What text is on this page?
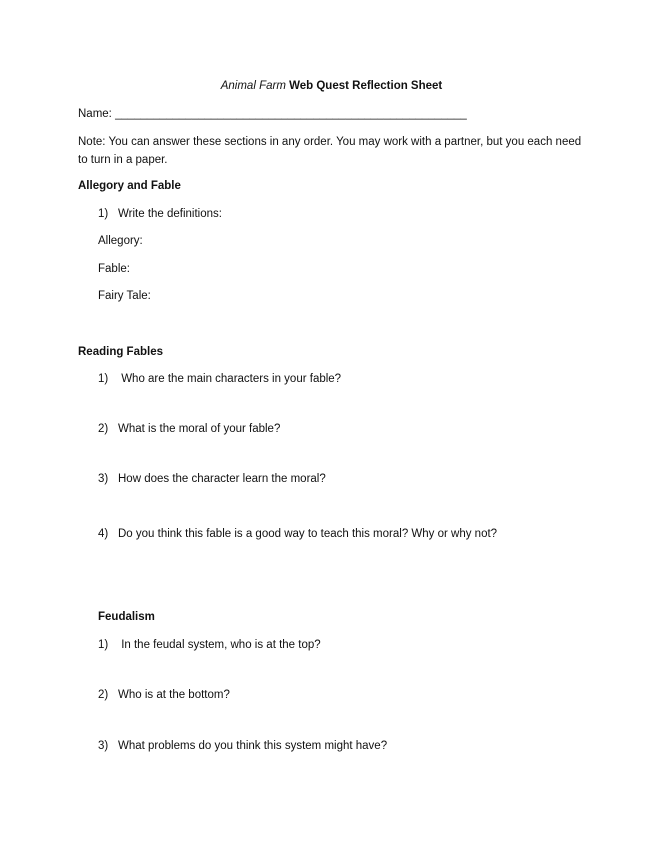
Animal Farm Web Quest Reflection Sheet
Name: _______________________________________________________
Note: You can answer these sections in any order. You may work with a partner, but you each need to turn in a paper.
Allegory and Fable
1) Write the definitions:
Allegory:
Fable:
Fairy Tale:
Reading Fables
1) Who are the main characters in your fable?
2) What is the moral of your fable?
3) How does the character learn the moral?
4) Do you think this fable is a good way to teach this moral? Why or why not?
Feudalism
1) In the feudal system, who is at the top?
2) Who is at the bottom?
3) What problems do you think this system might have?
